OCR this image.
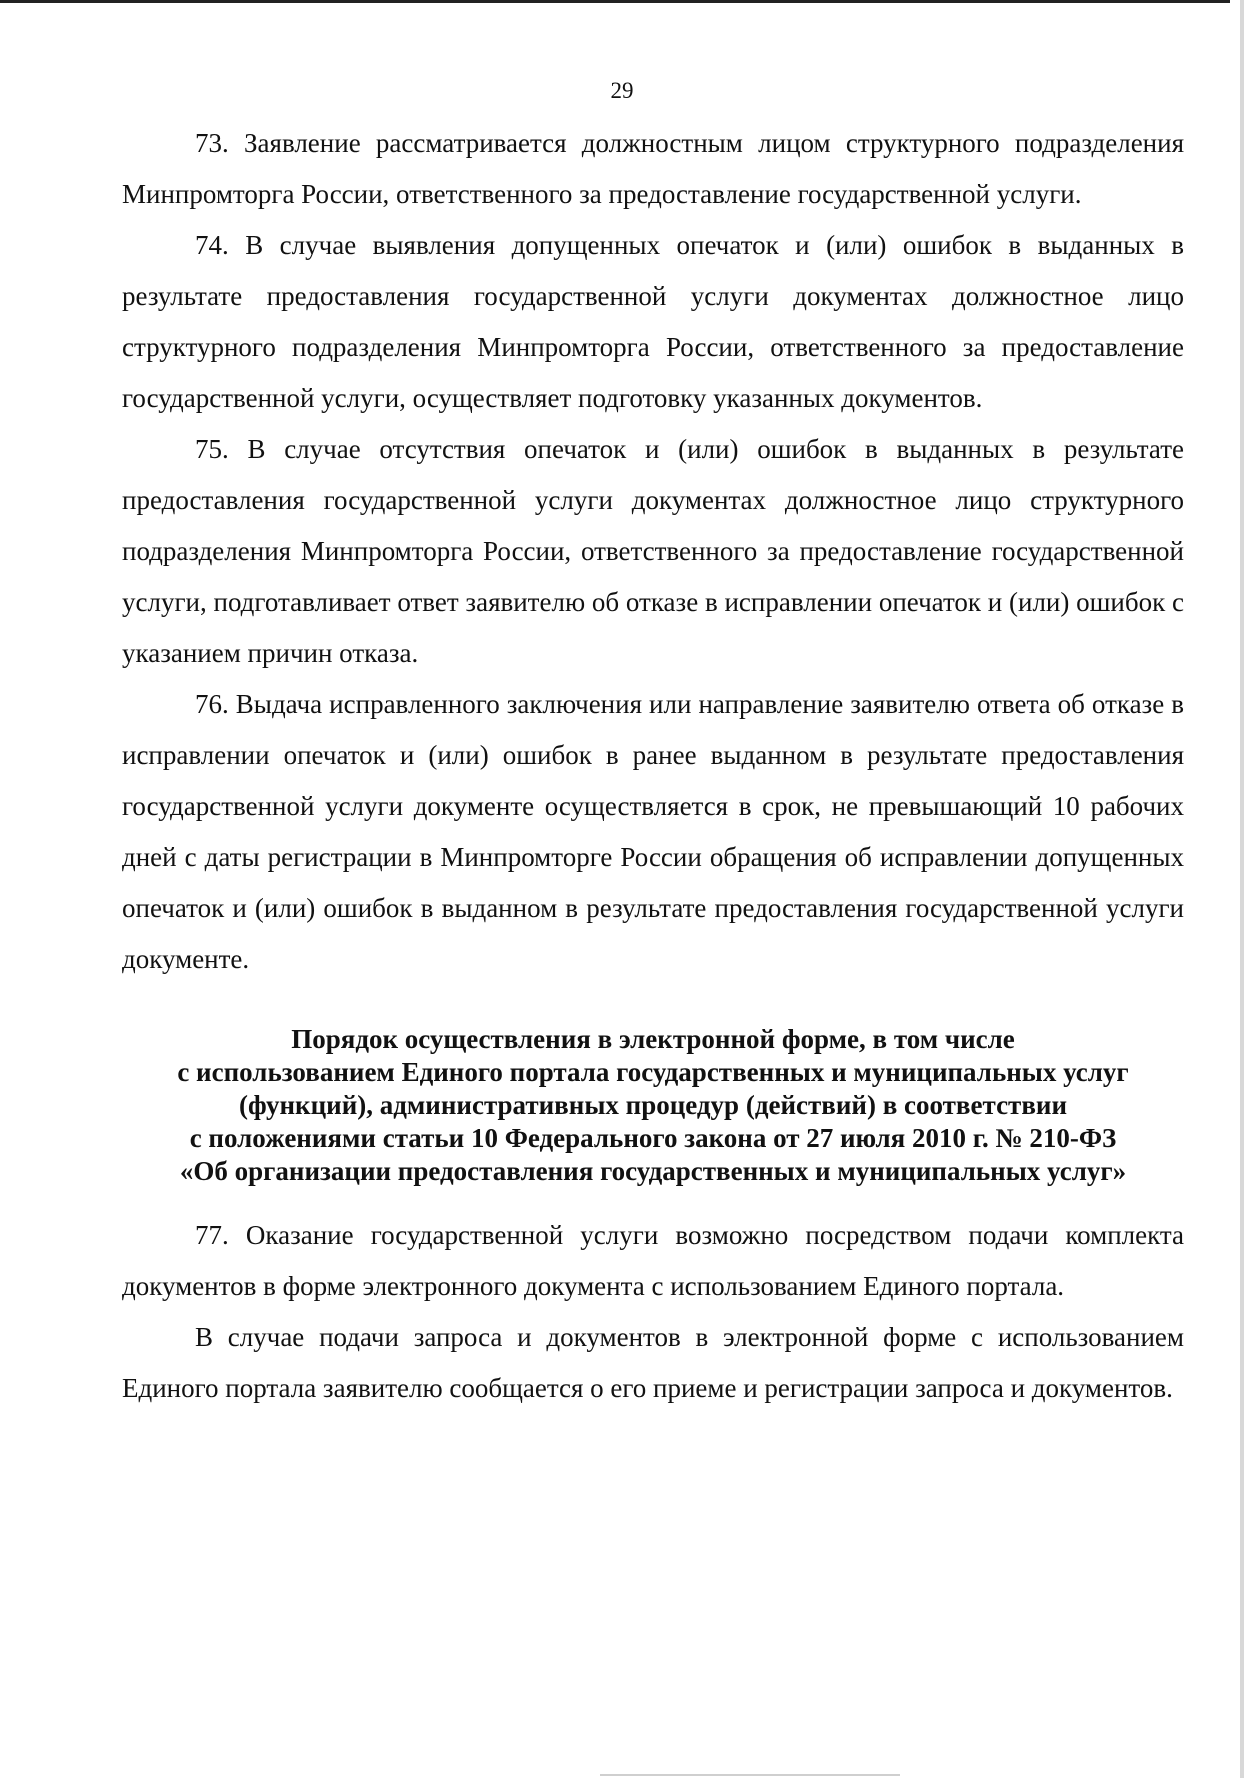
29

73. Заявление рассматривается должностным лицом структурного подразделения Минпромторга России, ответственного за предоставление государственной услуги.

74. В случае выявления допущенных опечаток и (или) ошибок в выданных в результате предоставления государственной услуги документах должностное лицо структурного подразделения Минпромторга России, ответственного за предоставление государственной услуги, осуществляет подготовку указанных документов.

75. В случае отсутствия опечаток и (или) ошибок в выданных в результате предоставления государственной услуги документах должностное лицо структурного подразделения Минпромторга России, ответственного за предоставление государственной услуги, подготавливает ответ заявителю об отказе в исправлении опечаток и (или) ошибок с указанием причин отказа.

76. Выдача исправленного заключения или направление заявителю ответа об отказе в исправлении опечаток и (или) ошибок в ранее выданном в результате предоставления государственной услуги документе осуществляется в срок, не превышающий 10 рабочих дней с даты регистрации в Минпромторге России обращения об исправлении допущенных опечаток и (или) ошибок в выданном в результате предоставления государственной услуги документе.

Порядок осуществления в электронной форме, в том числе
с использованием Единого портала государственных и муниципальных услуг
(функций), административных процедур (действий) в соответствии
с положениями статьи 10 Федерального закона от 27 июля 2010 г. № 210-ФЗ
«Об организации предоставления государственных и муниципальных услуг»

77. Оказание государственной услуги возможно посредством подачи комплекта документов в форме электронного документа с использованием Единого портала.

В случае подачи запроса и документов в электронной форме с использованием Единого портала заявителю сообщается о его приеме и регистрации запроса и документов.
